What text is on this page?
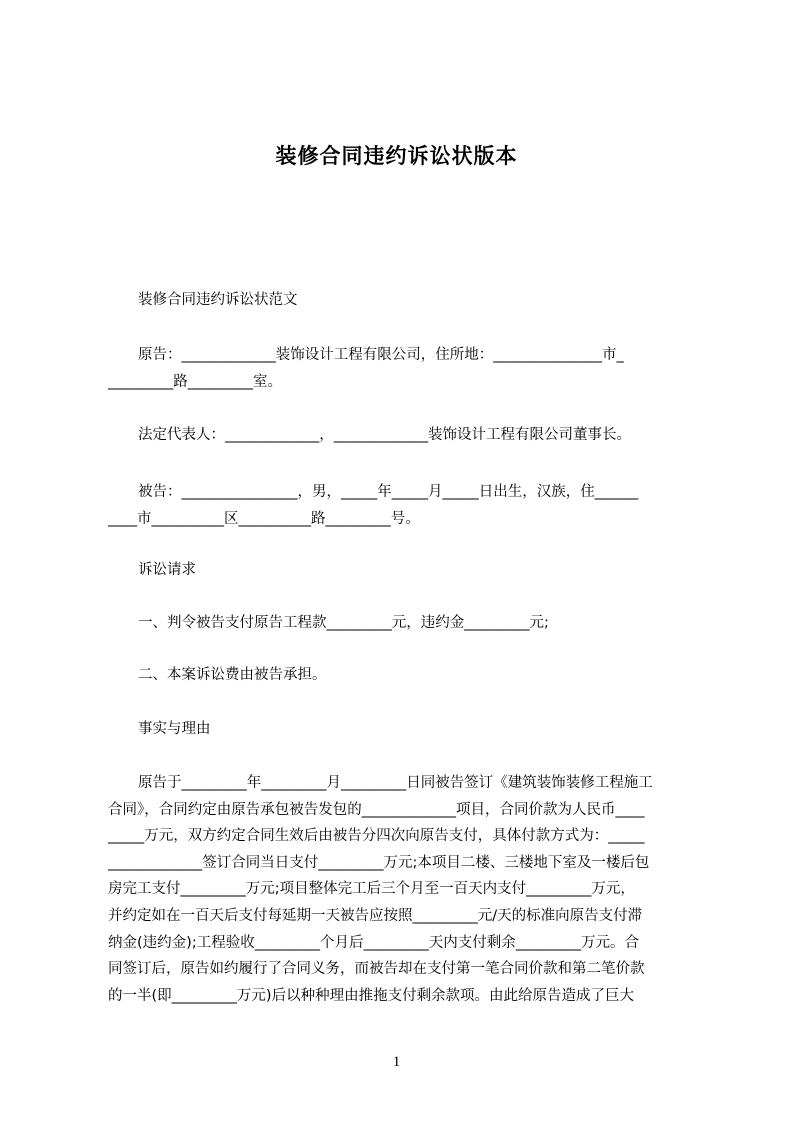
装修合同违约诉讼状版本
装修合同违约诉讼状范文
原告：_____________装饰设计工程有限公司，住所地：_______________市_
_________路_________室。
法定代表人：_____________，_____________装饰设计工程有限公司董事长。
被告：________________，男，_____年_____月_____日出生，汉族，住______
____市__________区__________路_________号。
诉讼请求
一、判令被告支付原告工程款_________元，违约金_________元;
二、本案诉讼费由被告承担。
事实与理由
原告于_________年_________月_________日同被告签订《建筑装饰装修工程施工
合同》，合同约定由原告承包被告发包的_____________项目，合同价款为人民币____
_____万元，双方约定合同生效后由被告分四次向原告支付，具体付款方式为：_____
_____________签订合同当日支付_________万元;本项目二楼、三楼地下室及一楼后包
房完工支付_________万元;项目整体完工后三个月至一百天内支付_________万元，
并约定如在一百天后支付每延期一天被告应按照_________元/天的标准向原告支付滞
纳金(违约金);工程验收_________个月后_________天内支付剩余_________万元。合
同签订后，原告如约履行了合同义务，而被告却在支付第一笔合同价款和第二笔价款
的一半(即_________万元)后以种种理由推拖支付剩余款项。由此给原告造成了巨大
1
